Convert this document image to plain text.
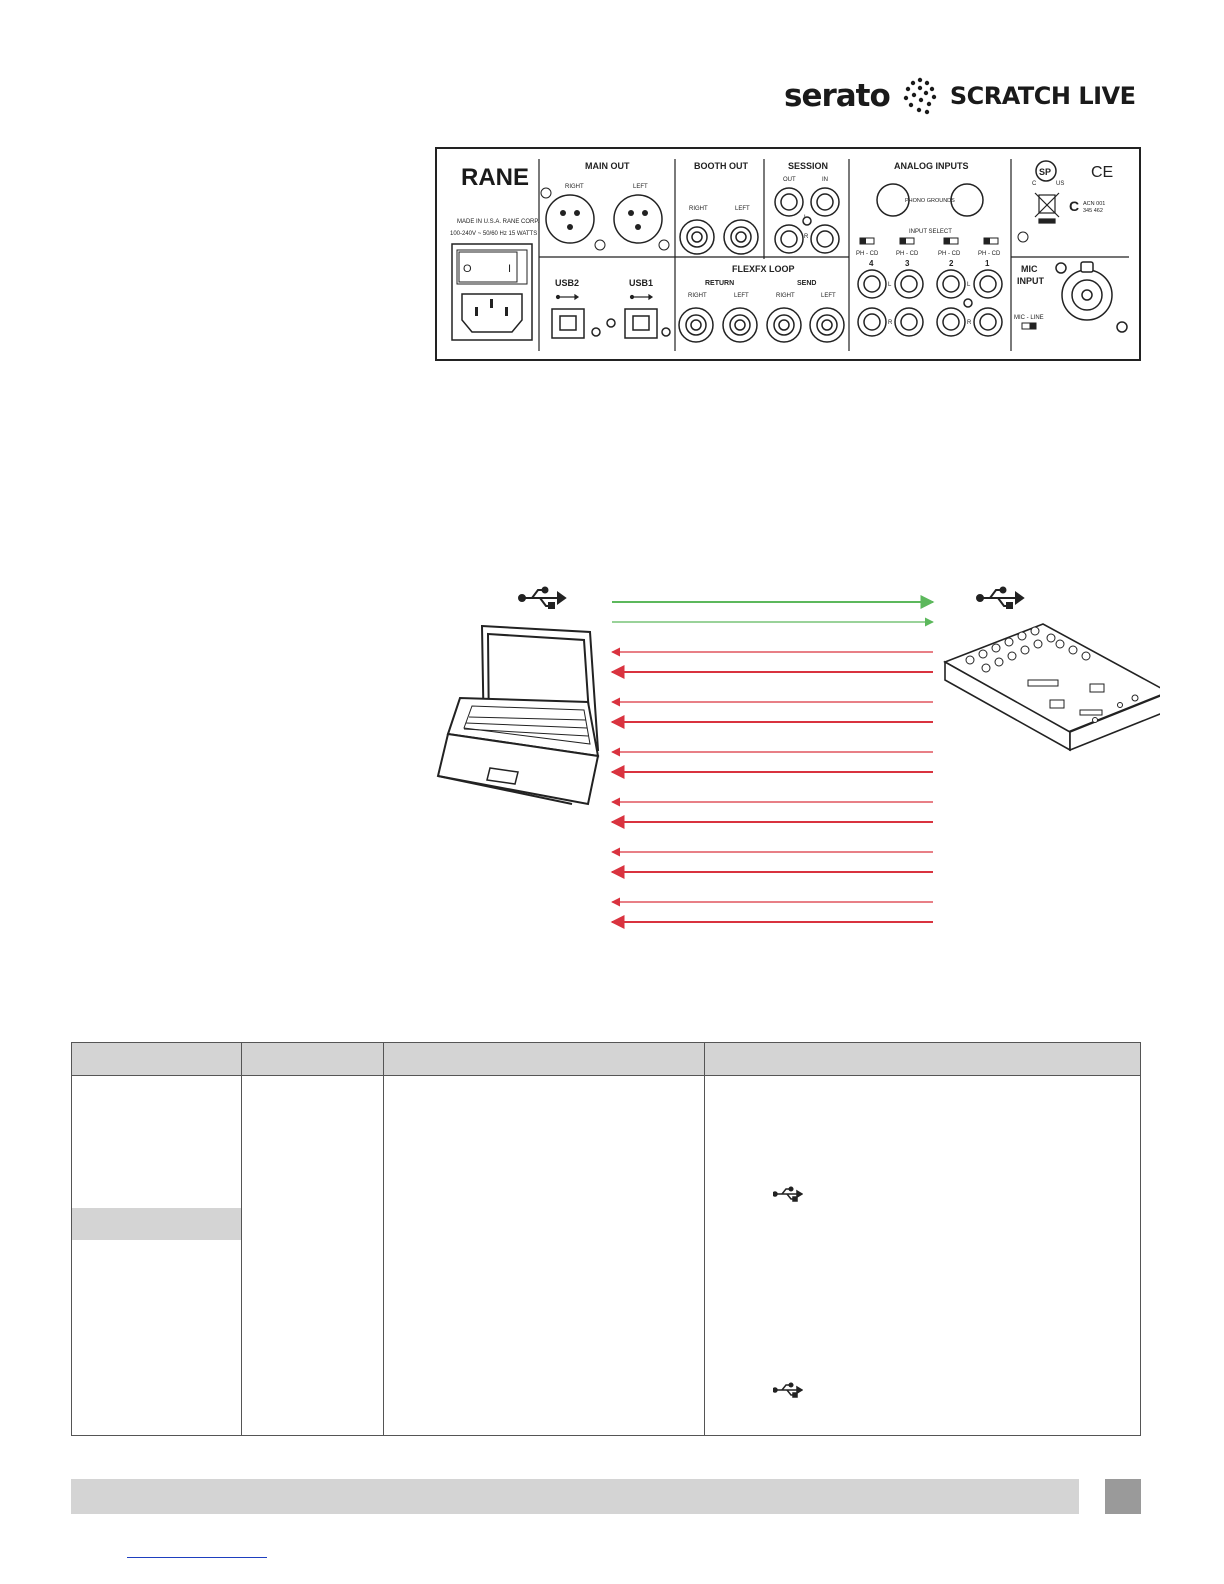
serato	SCRATCH LIVE
RANE
MADE IN U.S.A. RANE CORP.
100-240V ~ 50/60 Hz 15 WATTS
O	I
MAIN OUT
RIGHT	LEFT
BOOTH OUT
RIGHT	LEFT
SESSION
OUT	IN
R
ANALOG INPUTS
PHONO GROUNDS
INPUT SELECT
PH - CD	PH - CD	PH - CD	PH - CD
4	3	2	1
L
R
L
R
USB2	USB1
FLEXFX LOOP
RETURN	SEND
RIGHT	LEFT	RIGHT	LEFT
SP
C	US
CE
C ACN 001
345 462
MIC
INPUT
MIC - LINE
